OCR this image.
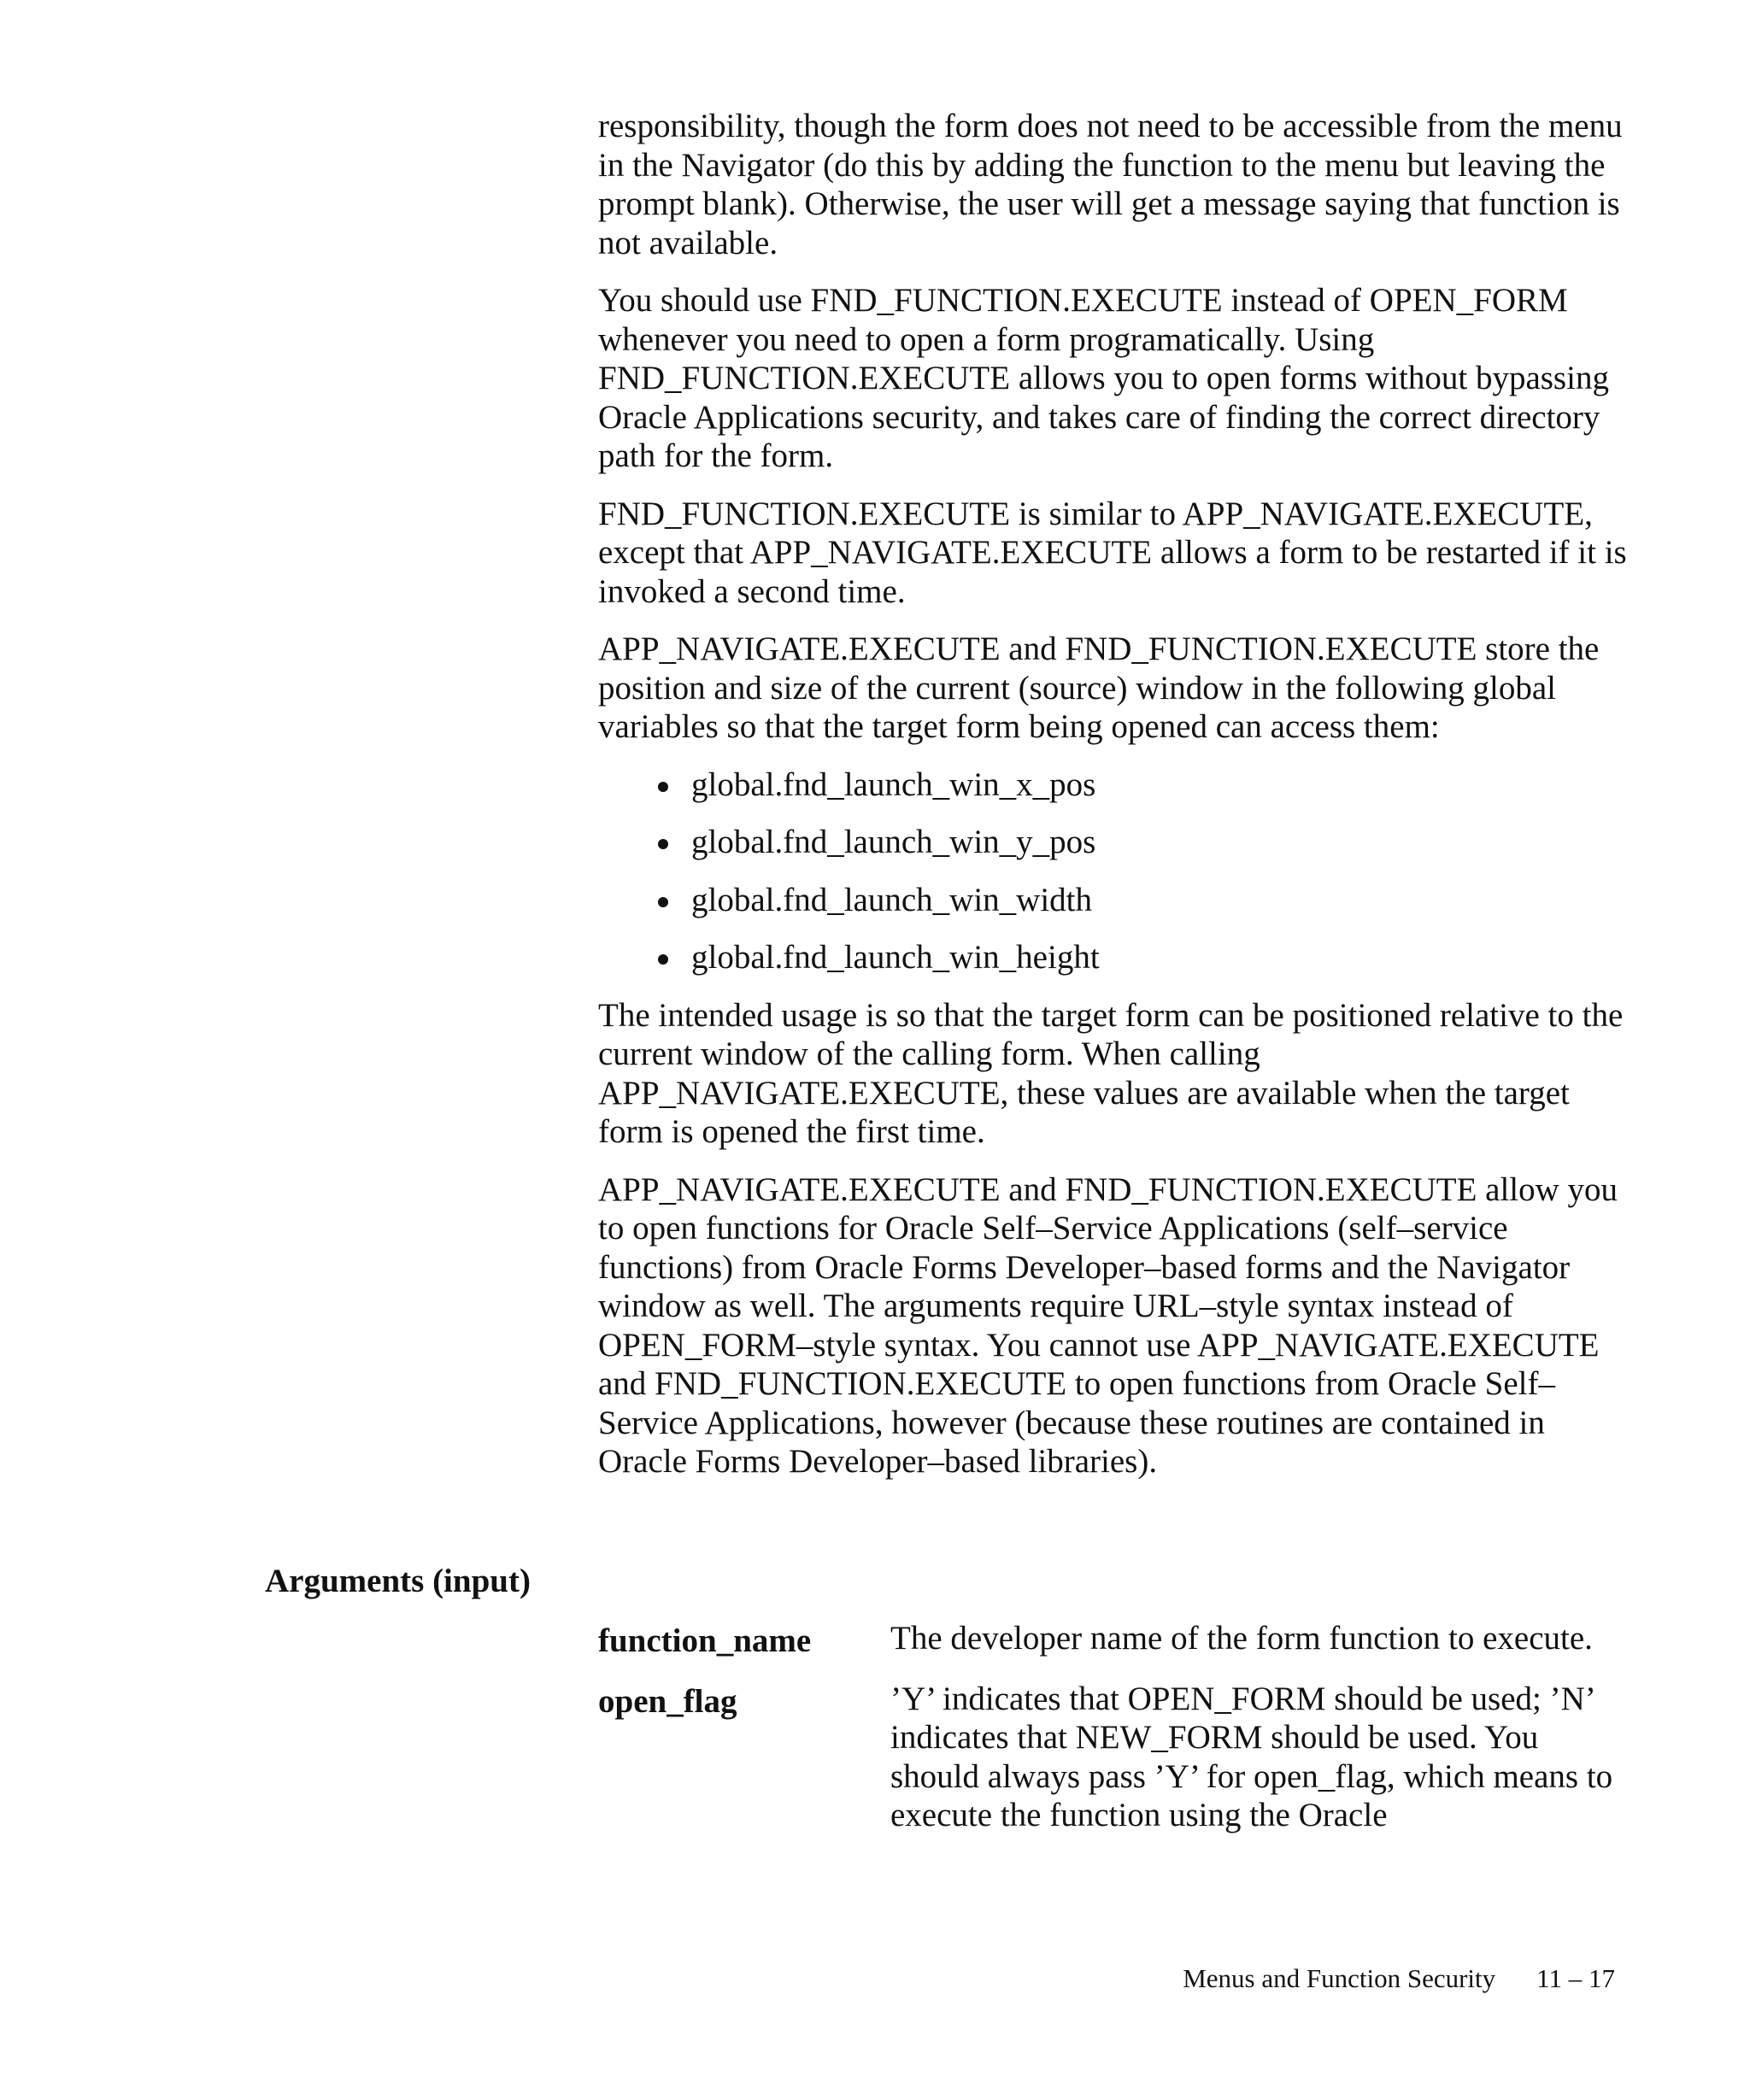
responsibility, though the form does not need to be accessible from the menu in the Navigator (do this by adding the function to the menu but leaving the prompt blank). Otherwise, the user will get a message saying that function is not available.

You should use FND_FUNCTION.EXECUTE instead of OPEN_FORM whenever you need to open a form programatically. Using FND_FUNCTION.EXECUTE allows you to open forms without bypassing Oracle Applications security, and takes care of finding the correct directory path for the form.

FND_FUNCTION.EXECUTE is similar to APP_NAVIGATE.EXECUTE, except that APP_NAVIGATE.EXECUTE allows a form to be restarted if it is invoked a second time.

APP_NAVIGATE.EXECUTE and FND_FUNCTION.EXECUTE store the position and size of the current (source) window in the following global variables so that the target form being opened can access them:

global.fnd_launch_win_x_pos
global.fnd_launch_win_y_pos
global.fnd_launch_win_width
global.fnd_launch_win_height

The intended usage is so that the target form can be positioned relative to the current window of the calling form. When calling APP_NAVIGATE.EXECUTE, these values are available when the target form is opened the first time.

APP_NAVIGATE.EXECUTE and FND_FUNCTION.EXECUTE allow you to open functions for Oracle Self–Service Applications (self–service functions) from Oracle Forms Developer–based forms and the Navigator window as well. The arguments require URL–style syntax instead of OPEN_FORM–style syntax. You cannot use APP_NAVIGATE.EXECUTE and FND_FUNCTION.EXECUTE to open functions from Oracle Self–Service Applications, however (because these routines are contained in Oracle Forms Developer–based libraries).

Arguments (input)
function_name	The developer name of the form function to execute.
open_flag	’Y’ indicates that OPEN_FORM should be used; ’N’ indicates that NEW_FORM should be used. You should always pass ’Y’ for open_flag, which means to execute the function using the Oracle
Menus and Function Security 11 – 17
